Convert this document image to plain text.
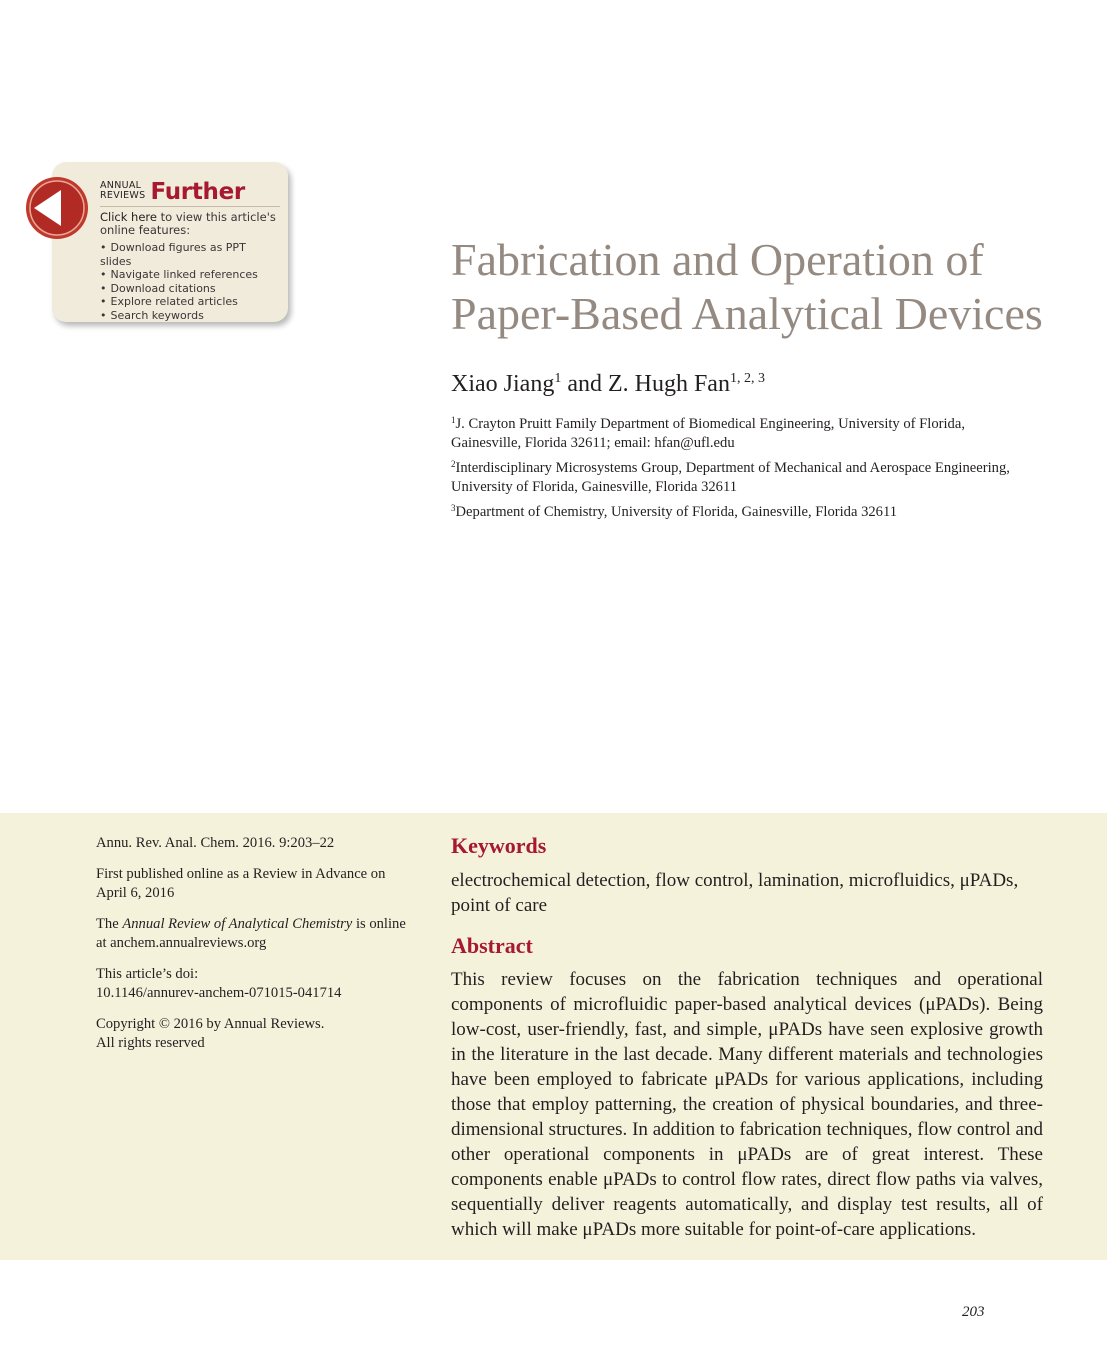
ANNUAL
REVIEWS Further
Click here to view this article's online features:
• Download figures as PPT slides
• Navigate linked references
• Download citations
• Explore related articles
• Search keywords
Fabrication and Operation of
Paper-Based Analytical Devices
Xiao Jiang$^1$ and Z. Hugh Fan$^{1, 2, 3}$
$^1$J. Crayton Pruitt Family Department of Biomedical Engineering, University of Florida,
Gainesville, Florida 32611; email: hfan@ufl.edu
$^2$Interdisciplinary Microsystems Group, Department of Mechanical and Aerospace Engineering,
University of Florida, Gainesville, Florida 32611
$^3$Department of Chemistry, University of Florida, Gainesville, Florida 32611

Annu. Rev. Anal. Chem. 2016. 9:203–22

First published online as a Review in Advance on April 6, 2016

The Annual Review of Analytical Chemistry is online at anchem.annualreviews.org

This article’s doi:
10.1146/annurev-anchem-071015-041714

Copyright © 2016 by Annual Reviews.
All rights reserved

Keywords
electrochemical detection, flow control, lamination, microfluidics, μPADs, point of care
Abstract
This review focuses on the fabrication techniques and operational components of microfluidic paper-based analytical devices (μPADs). Being low-cost, user-friendly, fast, and simple, μPADs have seen explosive growth in the literature in the last decade. Many different materials and technologies have been employed to fabricate μPADs for various applications, including those that employ patterning, the creation of physical boundaries, and three-dimensional structures. In addition to fabrication techniques, flow control and other operational components in μPADs are of great interest. These components enable μPADs to control flow rates, direct flow paths via valves, sequentially deliver reagents automatically, and display test results, all of which will make μPADs more suitable for point-of-care applications.
203
